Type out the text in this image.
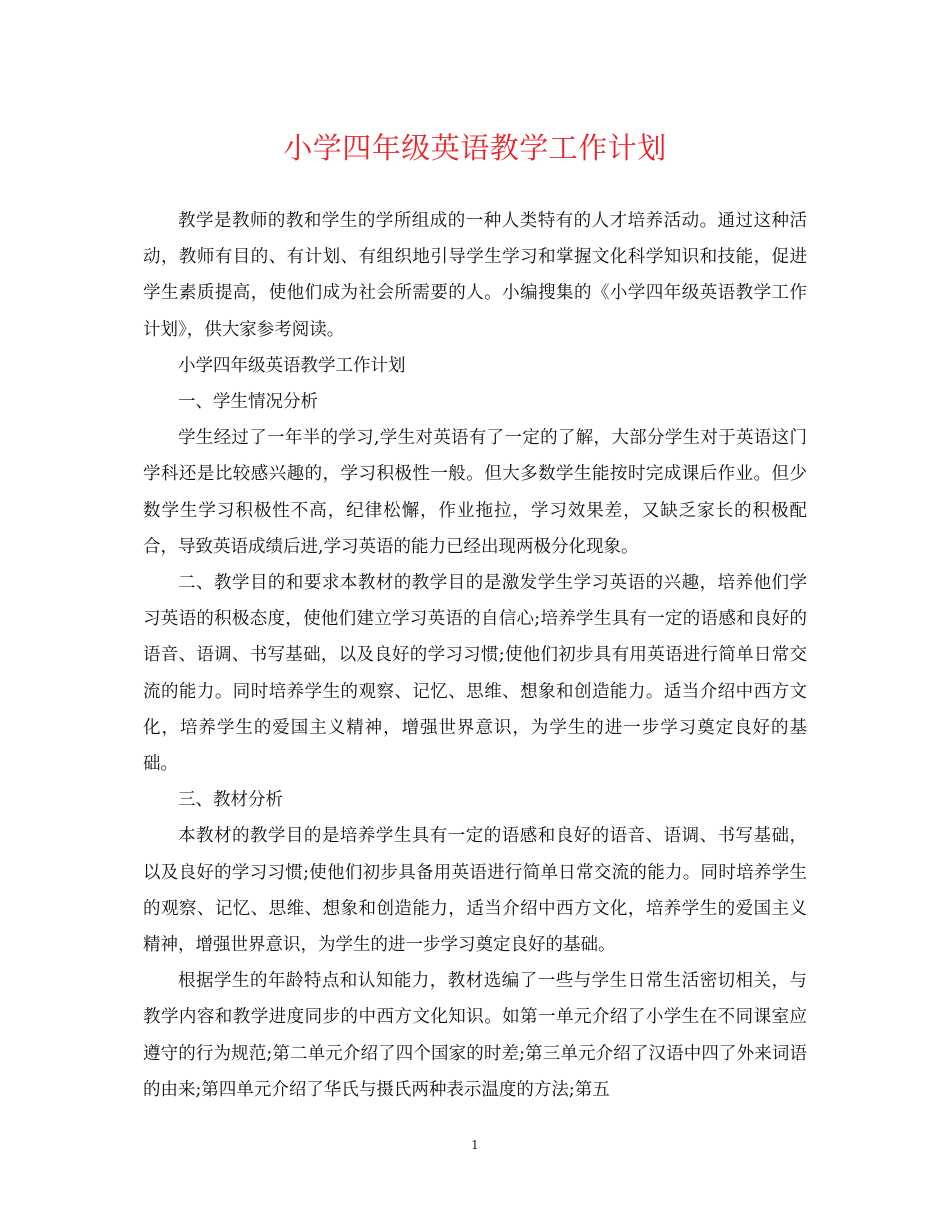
小学四年级英语教学工作计划

教学是教师的教和学生的学所组成的一种人类特有的人才培养活动。通过这种活动，教师有目的、有计划、有组织地引导学生学习和掌握文化科学知识和技能，促进学生素质提高，使他们成为社会所需要的人。小编搜集的《小学四年级英语教学工作计划》，供大家参考阅读。

小学四年级英语教学工作计划

一、学生情况分析

学生经过了一年半的学习,学生对英语有了一定的了解，大部分学生对于英语这门学科还是比较感兴趣的，学习积极性一般。但大多数学生能按时完成课后作业。但少数学生学习积极性不高，纪律松懈，作业拖拉，学习效果差，又缺乏家长的积极配合，导致英语成绩后进,学习英语的能力已经出现两极分化现象。

二、教学目的和要求本教材的教学目的是激发学生学习英语的兴趣，培养他们学习英语的积极态度，使他们建立学习英语的自信心;培养学生具有一定的语感和良好的语音、语调、书写基础，以及良好的学习习惯;使他们初步具有用英语进行简单日常交流的能力。同时培养学生的观察、记忆、思维、想象和创造能力。适当介绍中西方文化，培养学生的爱国主义精神，增强世界意识，为学生的进一步学习奠定良好的基础。

三、教材分析

本教材的教学目的是培养学生具有一定的语感和良好的语音、语调、书写基础，以及良好的学习习惯;使他们初步具备用英语进行简单日常交流的能力。同时培养学生的观察、记忆、思维、想象和创造能力，适当介绍中西方文化，培养学生的爱国主义精神，增强世界意识，为学生的进一步学习奠定良好的基础。

根据学生的年龄特点和认知能力，教材选编了一些与学生日常生活密切相关，与教学内容和教学进度同步的中西方文化知识。如第一单元介绍了小学生在不同课室应遵守的行为规范;第二单元介绍了四个国家的时差;第三单元介绍了汉语中四了外来词语的由来;第四单元介绍了华氏与摄氏两种表示温度的方法;第五

1
